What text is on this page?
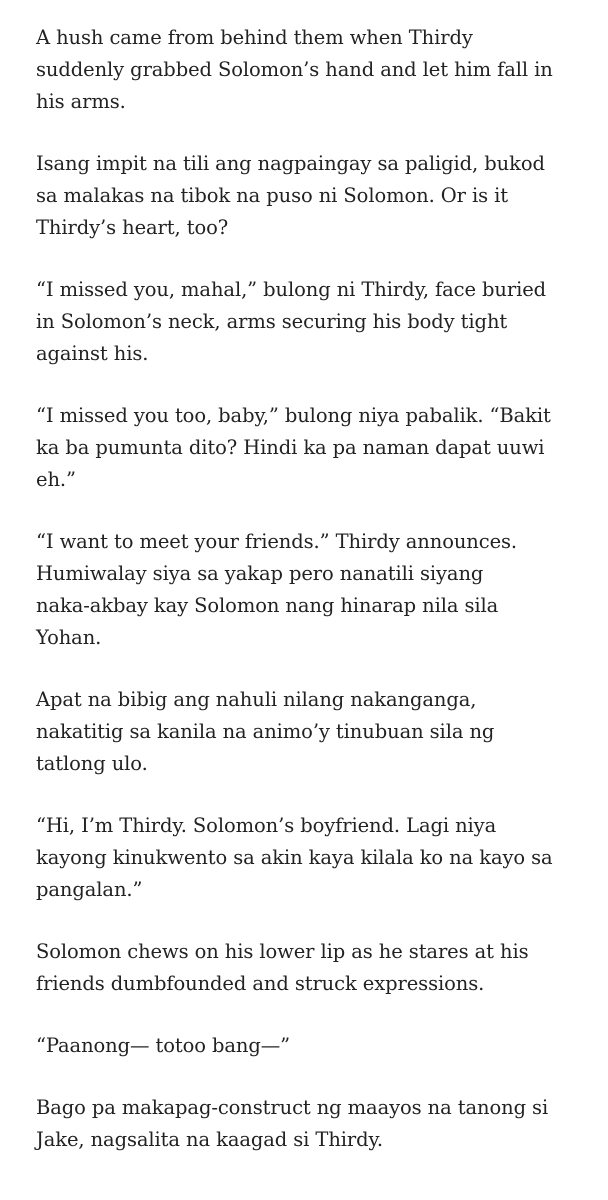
A hush came from behind them when Thirdy
suddenly grabbed Solomon’s hand and let him fall in
his arms.

Isang impit na tili ang nagpaingay sa paligid, bukod
sa malakas na tibok na puso ni Solomon. Or is it
Thirdy’s heart, too?

“I missed you, mahal,” bulong ni Thirdy, face buried
in Solomon’s neck, arms securing his body tight
against his.

“I missed you too, baby,” bulong niya pabalik. “Bakit
ka ba pumunta dito? Hindi ka pa naman dapat uuwi
eh.”

“I want to meet your friends.” Thirdy announces.
Humiwalay siya sa yakap pero nanatili siyang
naka-akbay kay Solomon nang hinarap nila sila
Yohan.

Apat na bibig ang nahuli nilang nakanganga,
nakatitig sa kanila na animo’y tinubuan sila ng
tatlong ulo.

“Hi, I’m Thirdy. Solomon’s boyfriend. Lagi niya
kayong kinukwento sa akin kaya kilala ko na kayo sa
pangalan.”

Solomon chews on his lower lip as he stares at his
friends dumbfounded and struck expressions.

“Paanong— totoo bang—”

Bago pa makapag-construct ng maayos na tanong si
Jake, nagsalita na kaagad si Thirdy.
